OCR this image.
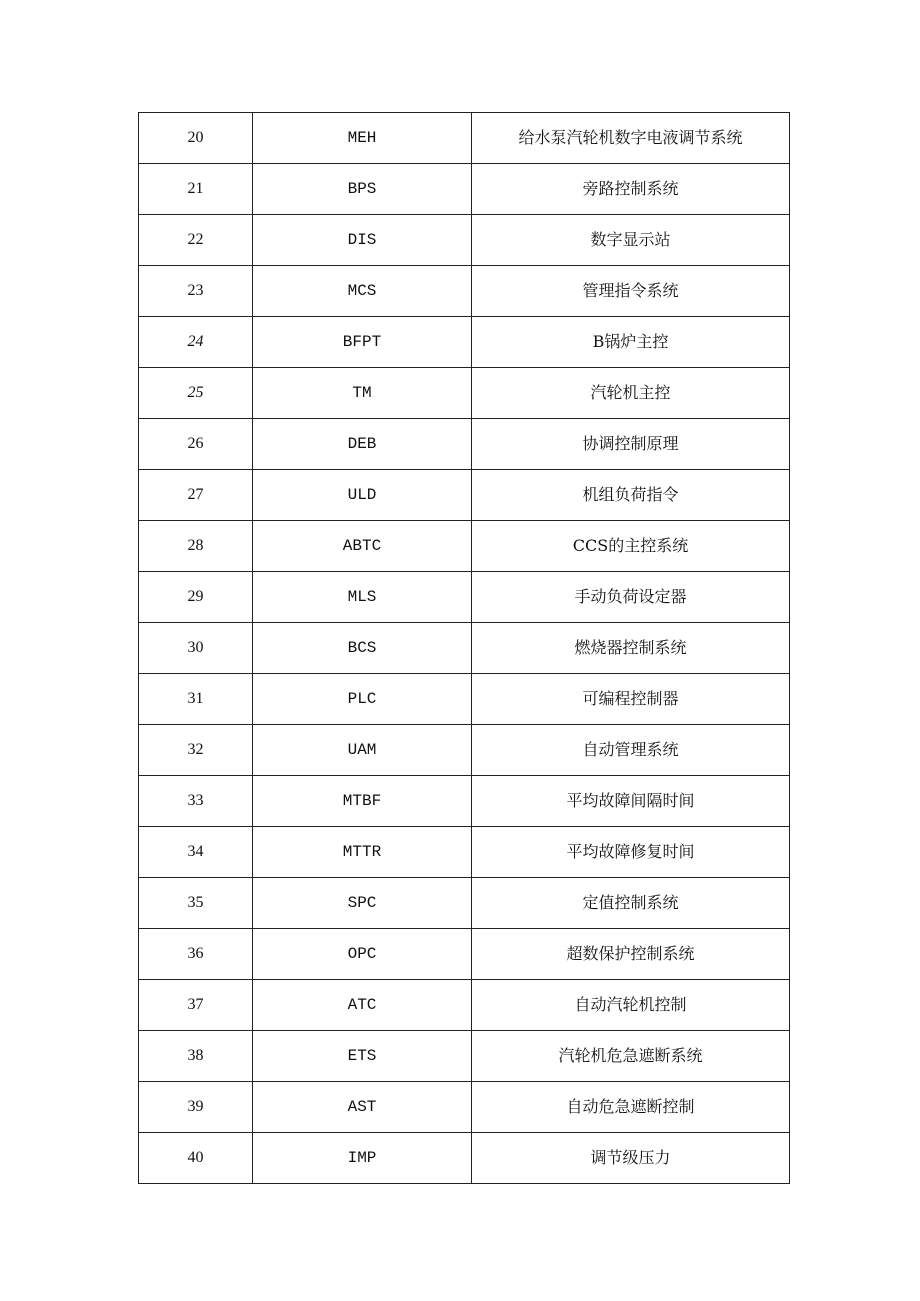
20	MEH	给水泵汽轮机数字电液调节系统
21	BPS	旁路控制系统
22	DIS	数字显示站
23	MCS	管理指令系统
24	BFPT	B锅炉主控
25	TM	汽轮机主控
26	DEB	协调控制原理
27	ULD	机组负荷指令
28	ABTC	CCS的主控系统
29	MLS	手动负荷设定器
30	BCS	燃烧器控制系统
31	PLC	可编程控制器
32	UAM	自动管理系统
33	MTBF	平均故障间隔时间
34	MTTR	平均故障修复时间
35	SPC	定值控制系统
36	OPC	超数保护控制系统
37	ATC	自动汽轮机控制
38	ETS	汽轮机危急遮断系统
39	AST	自动危急遮断控制
40	IMP	调节级压力
